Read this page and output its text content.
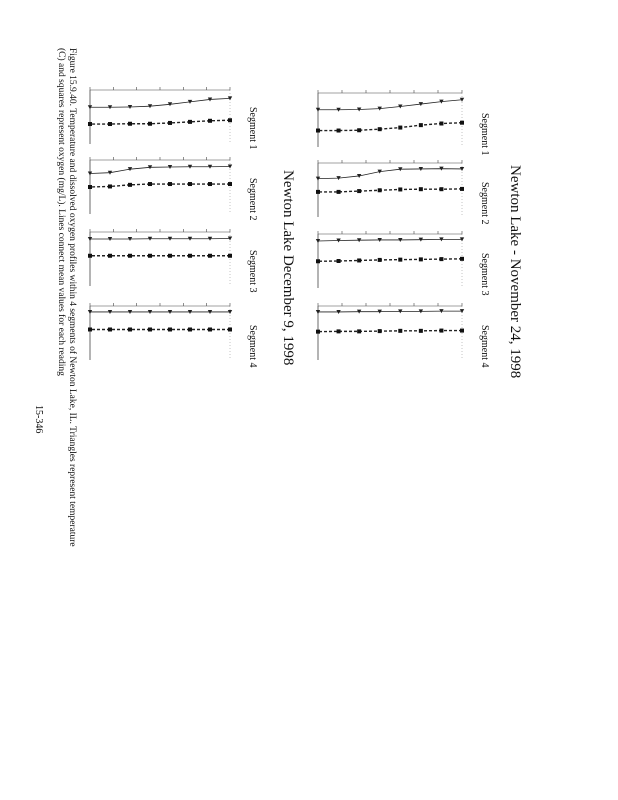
Newton Lake - November 24, 1998
Newton Lake December 9, 1998
Segment 1
Segment 2
Segment 3
Segment 4
Segment 1
Segment 2
Segment 3
Segment 4
Figure 15.9.40. Temperature and dissolved oxygen profiles within 4 segments of Newton Lake, IL. Triangles represent temperature
(C) and squares represent oxygen (mg/L). Lines connect mean values for each reading
15-346
